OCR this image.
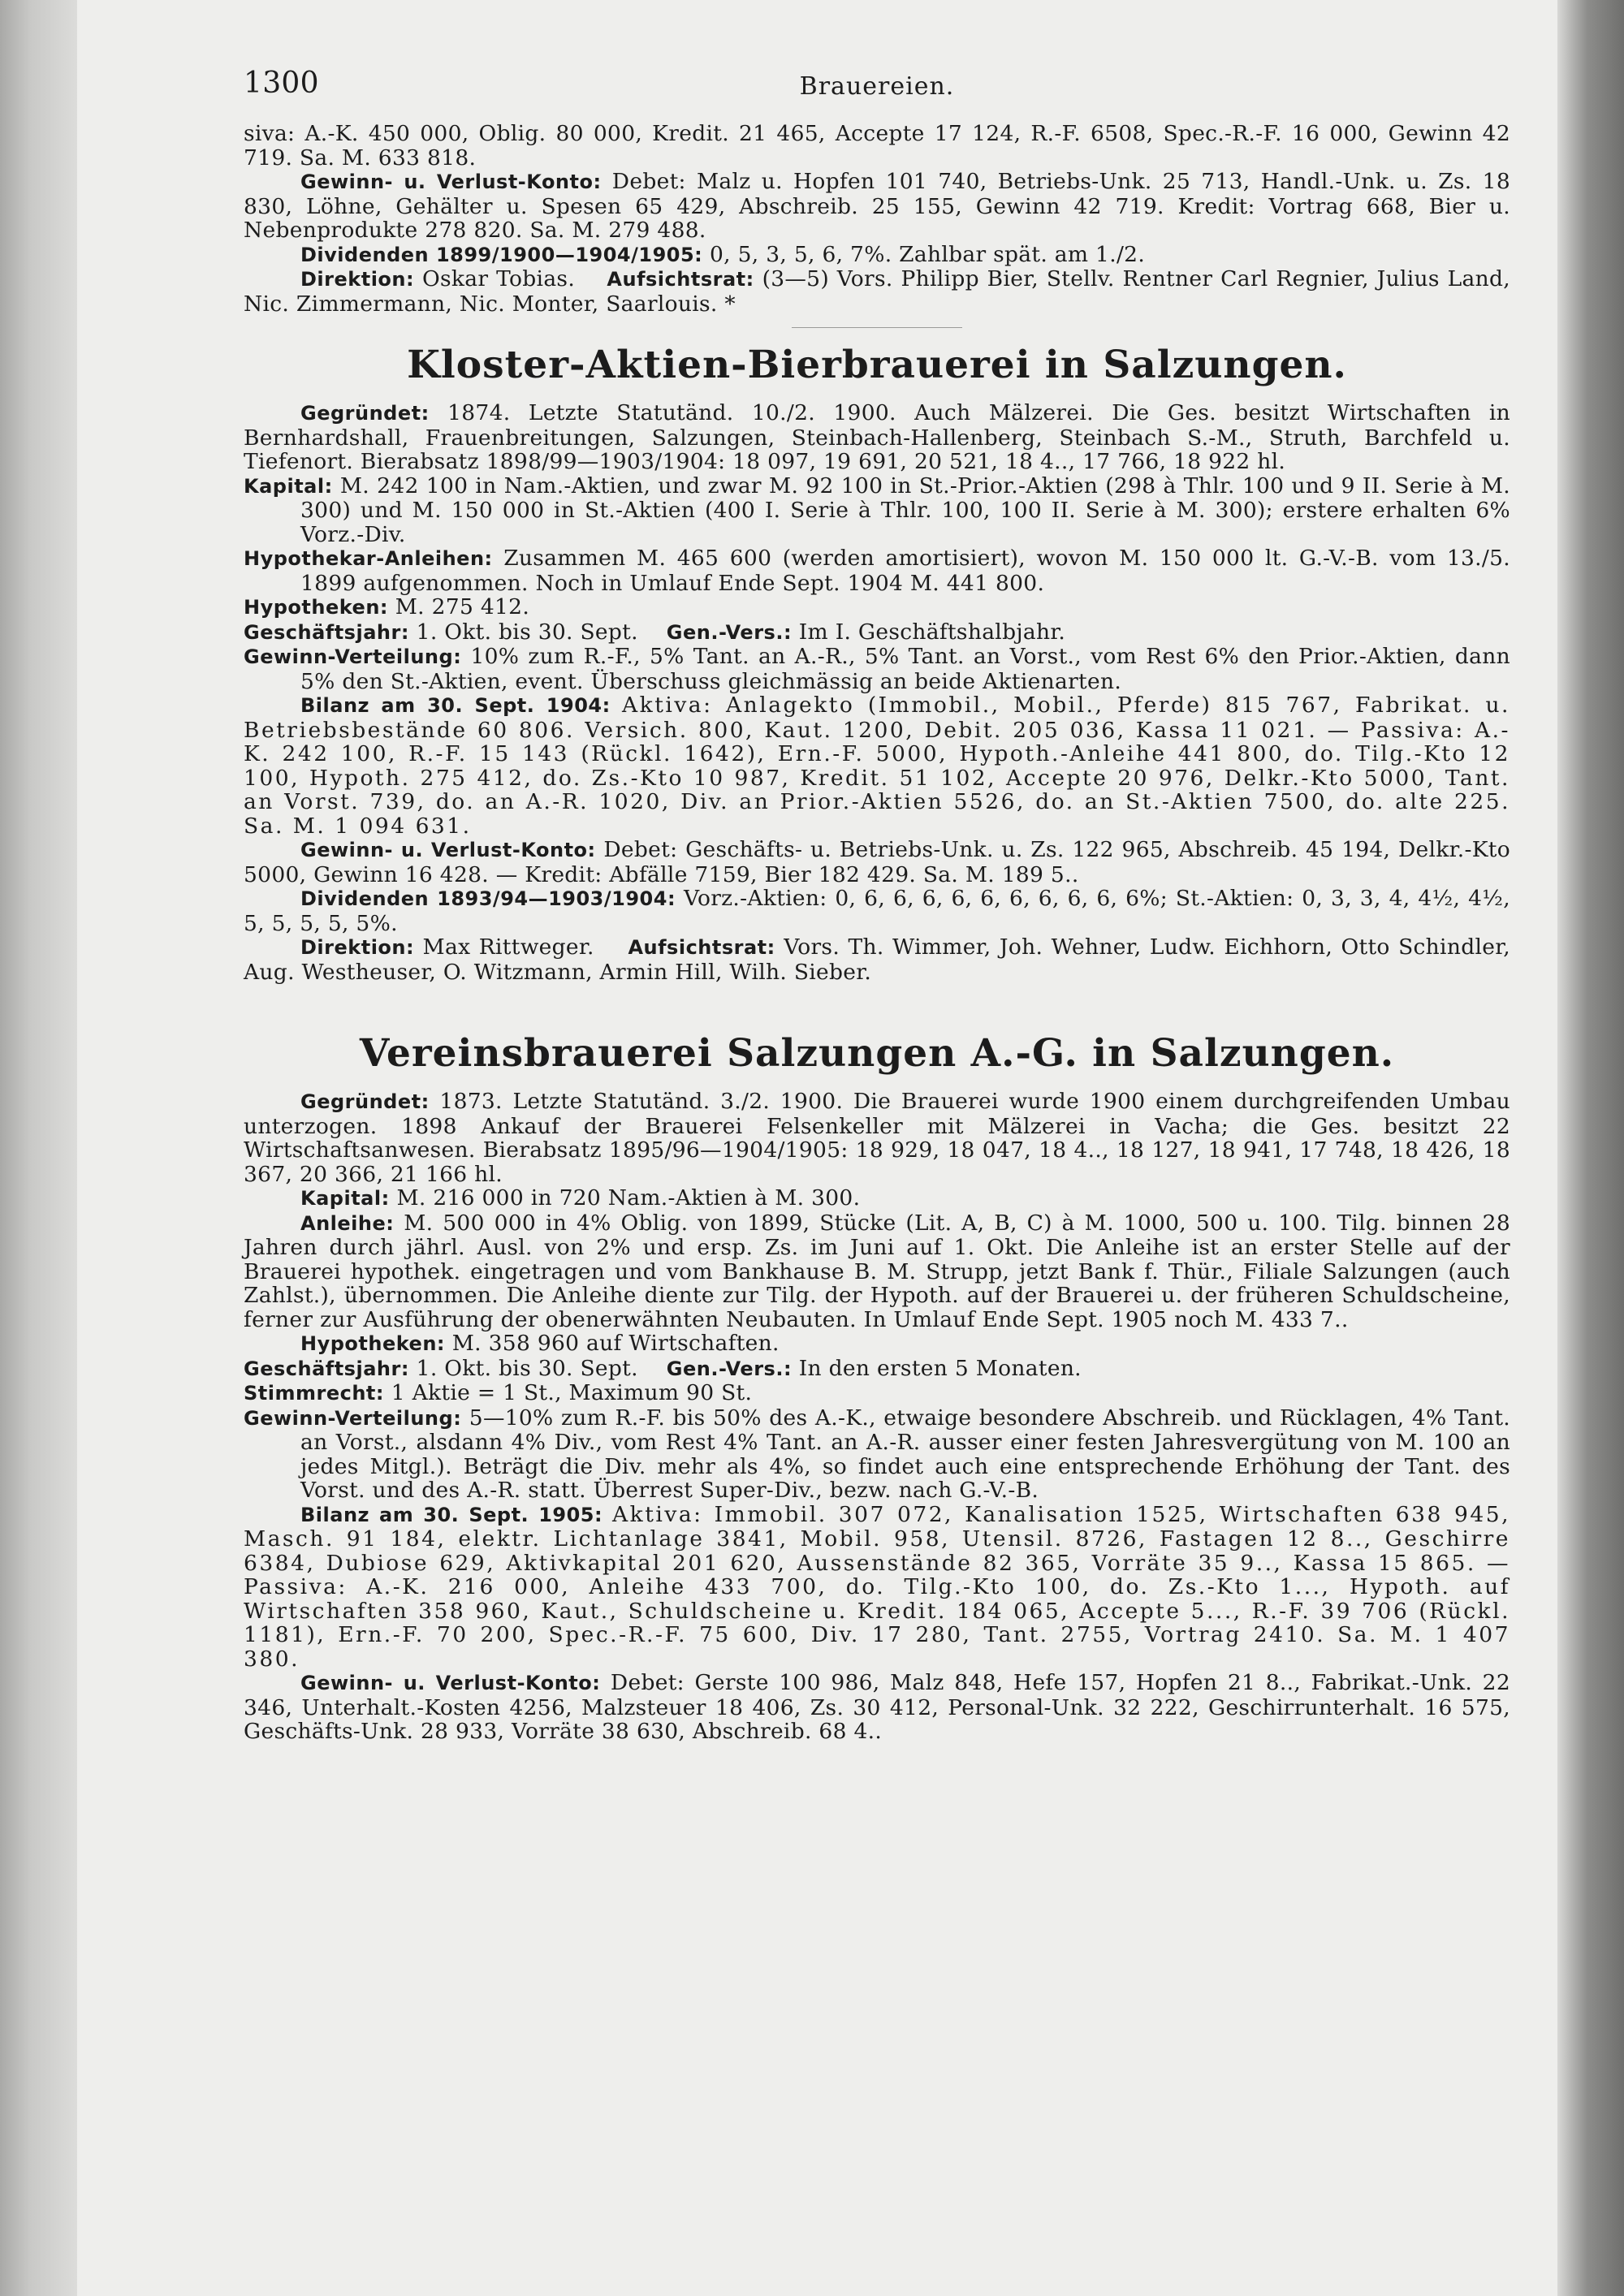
1300	Brauereien.

siva: A.-K. 450 000, Oblig. 80 000, Kredit. 21 465, Accepte 17 124, R.-F. 6508, Spec.-R.-F. 16 000, Gewinn 42 719. Sa. M. 633 818.

Gewinn- u. Verlust-Konto: Debet: Malz u. Hopfen 101 740, Betriebs-Unk. 25 713, Handl.-Unk. u. Zs. 18 830, Löhne, Gehälter u. Spesen 65 429, Abschreib. 25 155, Gewinn 42 719. Kredit: Vortrag 668, Bier u. Nebenprodukte 278 820. Sa. M. 279 488.

Dividenden 1899/1900—1904/1905: 0, 5, 3, 5, 6, 7%. Zahlbar spät. am 1./2.

Direktion: Oskar Tobias. Aufsichtsrat: (3—5) Vors. Philipp Bier, Stellv. Rentner Carl Regnier, Julius Land, Nic. Zimmermann, Nic. Monter, Saarlouis. *

Kloster-Aktien-Bierbrauerei in Salzungen.

Gegründet: 1874. Letzte Statutänd. 10./2. 1900. Auch Mälzerei. Die Ges. besitzt Wirtschaften in Bernhardshall, Frauenbreitungen, Salzungen, Steinbach-Hallenberg, Steinbach S.-M., Struth, Barchfeld u. Tiefenort. Bierabsatz 1898/99—1903/1904: 18 097, 19 691, 20 521, 18 4.., 17 766, 18 922 hl.

Kapital: M. 242 100 in Nam.-Aktien, und zwar M. 92 100 in St.-Prior.-Aktien (298 à Thlr. 100 und 9 II. Serie à M. 300) und M. 150 000 in St.-Aktien (400 I. Serie à Thlr. 100, 100 II. Serie à M. 300); erstere erhalten 6% Vorz.-Div.

Hypothekar-Anleihen: Zusammen M. 465 600 (werden amortisiert), wovon M. 150 000 lt. G.-V.-B. vom 13./5. 1899 aufgenommen. Noch in Umlauf Ende Sept. 1904 M. 441 800.

Hypotheken: M. 275 412.

Geschäftsjahr: 1. Okt. bis 30. Sept. Gen.-Vers.: Im I. Geschäftshalbjahr.

Gewinn-Verteilung: 10% zum R.-F., 5% Tant. an A.-R., 5% Tant. an Vorst., vom Rest 6% den Prior.-Aktien, dann 5% den St.-Aktien, event. Überschuss gleichmässig an beide Aktienarten.

Bilanz am 30. Sept. 1904: Aktiva: Anlagekto (Immobil., Mobil., Pferde) 815 767, Fabrikat. u. Betriebsbestände 60 806. Versich. 800, Kaut. 1200, Debit. 205 036, Kassa 11 021. — Passiva: A.-K. 242 100, R.-F. 15 143 (Rückl. 1642), Ern.-F. 5000, Hypoth.-Anleihe 441 800, do. Tilg.-Kto 12 100, Hypoth. 275 412, do. Zs.-Kto 10 987, Kredit. 51 102, Accepte 20 976, Delkr.-Kto 5000, Tant. an Vorst. 739, do. an A.-R. 1020, Div. an Prior.-Aktien 5526, do. an St.-Aktien 7500, do. alte 225. Sa. M. 1 094 631.

Gewinn- u. Verlust-Konto: Debet: Geschäfts- u. Betriebs-Unk. u. Zs. 122 965, Abschreib. 45 194, Delkr.-Kto 5000, Gewinn 16 428. — Kredit: Abfälle 7159, Bier 182 429. Sa. M. 189 5..

Dividenden 1893/94—1903/1904: Vorz.-Aktien: 0, 6, 6, 6, 6, 6, 6, 6, 6, 6, 6%; St.-Aktien: 0, 3, 3, 4, 4½, 4½, 5, 5, 5, 5, 5%.

Direktion: Max Rittweger. Aufsichtsrat: Vors. Th. Wimmer, Joh. Wehner, Ludw. Eichhorn, Otto Schindler, Aug. Westheuser, O. Witzmann, Armin Hill, Wilh. Sieber.

Vereinsbrauerei Salzungen A.-G. in Salzungen.

Gegründet: 1873. Letzte Statutänd. 3./2. 1900. Die Brauerei wurde 1900 einem durchgreifenden Umbau unterzogen. 1898 Ankauf der Brauerei Felsenkeller mit Mälzerei in Vacha; die Ges. besitzt 22 Wirtschaftsanwesen. Bierabsatz 1895/96—1904/1905: 18 929, 18 047, 18 4.., 18 127, 18 941, 17 748, 18 426, 18 367, 20 366, 21 166 hl.

Kapital: M. 216 000 in 720 Nam.-Aktien à M. 300.

Anleihe: M. 500 000 in 4% Oblig. von 1899, Stücke (Lit. A, B, C) à M. 1000, 500 u. 100. Tilg. binnen 28 Jahren durch jährl. Ausl. von 2% und ersp. Zs. im Juni auf 1. Okt. Die Anleihe ist an erster Stelle auf der Brauerei hypothek. eingetragen und vom Bankhause B. M. Strupp, jetzt Bank f. Thür., Filiale Salzungen (auch Zahlst.), übernommen. Die Anleihe diente zur Tilg. der Hypoth. auf der Brauerei u. der früheren Schuldscheine, ferner zur Ausführung der obenerwähnten Neubauten. In Umlauf Ende Sept. 1905 noch M. 433 7..

Hypotheken: M. 358 960 auf Wirtschaften.

Geschäftsjahr: 1. Okt. bis 30. Sept. Gen.-Vers.: In den ersten 5 Monaten.

Stimmrecht: 1 Aktie = 1 St., Maximum 90 St.

Gewinn-Verteilung: 5—10% zum R.-F. bis 50% des A.-K., etwaige besondere Abschreib. und Rücklagen, 4% Tant. an Vorst., alsdann 4% Div., vom Rest 4% Tant. an A.-R. ausser einer festen Jahresvergütung von M. 100 an jedes Mitgl.). Beträgt die Div. mehr als 4%, so findet auch eine entsprechende Erhöhung der Tant. des Vorst. und des A.-R. statt. Überrest Super-Div., bezw. nach G.-V.-B.

Bilanz am 30. Sept. 1905: Aktiva: Immobil. 307 072, Kanalisation 1525, Wirtschaften 638 945, Masch. 91 184, elektr. Lichtanlage 3841, Mobil. 958, Utensil. 8726, Fastagen 12 8.., Geschirre 6384, Dubiose 629, Aktivkapital 201 620, Aussenstände 82 365, Vorräte 35 9.., Kassa 15 865. — Passiva: A.-K. 216 000, Anleihe 433 700, do. Tilg.-Kto 100, do. Zs.-Kto 1..., Hypoth. auf Wirtschaften 358 960, Kaut., Schuldscheine u. Kredit. 184 065, Accepte 5..., R.-F. 39 706 (Rückl. 1181), Ern.-F. 70 200, Spec.-R.-F. 75 600, Div. 17 280, Tant. 2755, Vortrag 2410. Sa. M. 1 407 380.

Gewinn- u. Verlust-Konto: Debet: Gerste 100 986, Malz 848, Hefe 157, Hopfen 21 8.., Fabrikat.-Unk. 22 346, Unterhalt.-Kosten 4256, Malzsteuer 18 406, Zs. 30 412, Personal-Unk. 32 222, Geschirrunterhalt. 16 575, Geschäfts-Unk. 28 933, Vorräte 38 630, Abschreib. 68 4..
